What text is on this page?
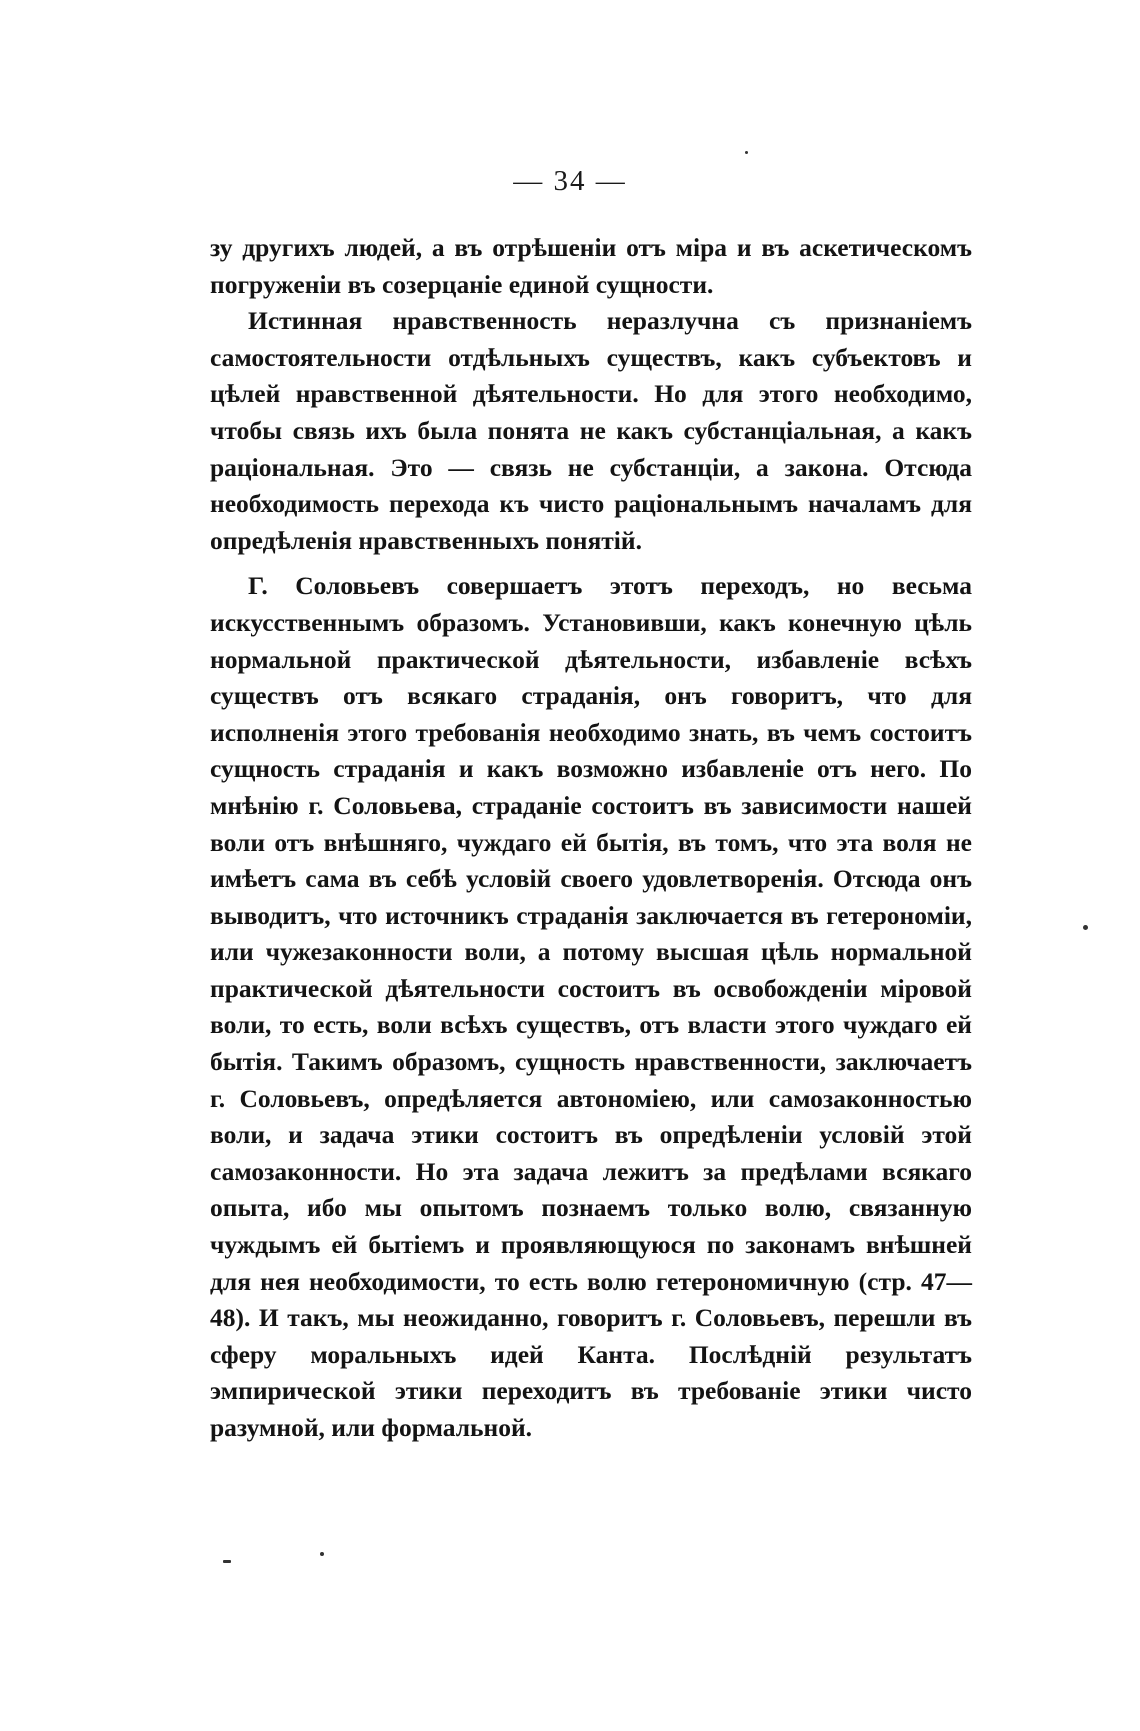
— 34 —

зу другихъ людей, а въ отрѣшеніи отъ міра и въ аскетическомъ погруженіи въ созерцаніе единой сущности.

Истинная нравственность неразлучна съ признаніемъ самостоятельности отдѣльныхъ существъ, какъ субъектовъ и цѣлей нравственной дѣятельности. Но для этого необходимо, чтобы связь ихъ была понята не какъ субстанціальная, а какъ раціональная. Это — связь не субстанціи, а закона. Отсюда необходимость перехода къ чисто раціональнымъ началамъ для опредѣленія нравственныхъ понятій.

Г. Соловьевъ совершаетъ этотъ переходъ, но весьма искусственнымъ образомъ. Установивши, какъ конечную цѣль нормальной практической дѣятельности, избавленіе всѣхъ существъ отъ всякаго страданія, онъ говоритъ, что для исполненія этого требованія необходимо знать, въ чемъ состоитъ сущность страданія и какъ возможно избавленіе отъ него. По мнѣнію г. Соловьева, страданіе состоитъ въ зависимости нашей воли отъ внѣшняго, чуждаго ей бытія, въ томъ, что эта воля не имѣетъ сама въ себѣ условій своего удовлетворенія. Отсюда онъ выводитъ, что источникъ страданія заключается въ гетерономіи, или чужезаконности воли, а потому высшая цѣль нормальной практической дѣятельности состоитъ въ освобожденіи міровой воли, то есть, воли всѣхъ существъ, отъ власти этого чуждаго ей бытія. Такимъ образомъ, сущность нравственности, заключаетъ г. Соловьевъ, опредѣляется автономіею, или самозаконностью воли, и задача этики состоитъ въ опредѣленіи условій этой самозаконности. Но эта задача лежитъ за предѣлами всякаго опыта, ибо мы опытомъ познаемъ только волю, связанную чуждымъ ей бытіемъ и проявляющуюся по законамъ внѣшней для нея необходимости, то есть волю гетерономичную (стр. 47—48). И такъ, мы неожиданно, говоритъ г. Соловьевъ, перешли въ сферу моральныхъ идей Канта. Послѣдній результатъ эмпирической этики переходитъ въ требованіе этики чисто разумной, или формальной.
